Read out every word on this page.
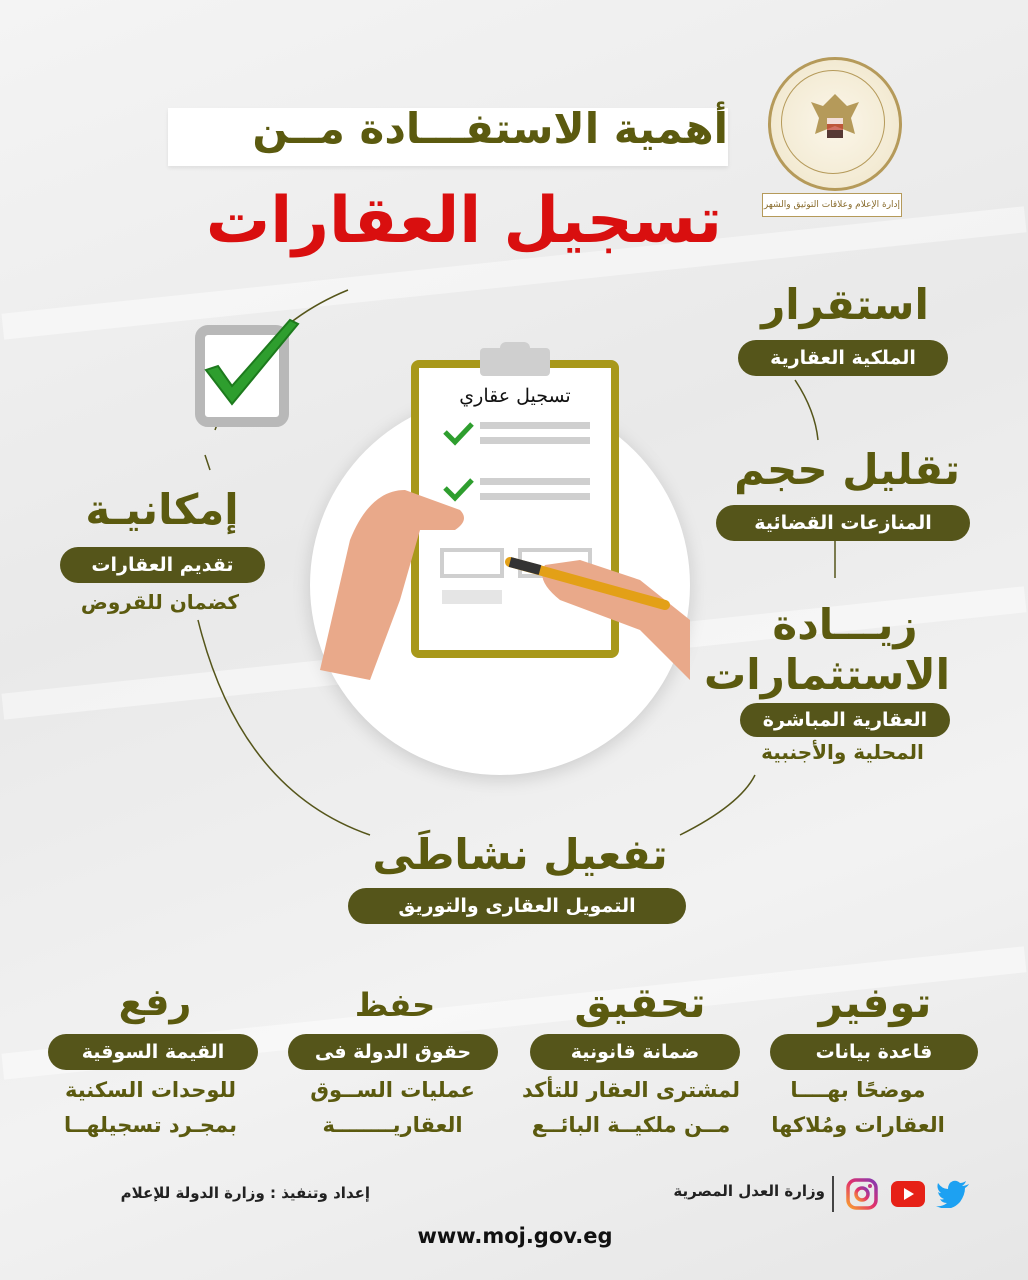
إدارة الإعلام وعلاقات التوثيق والشهر
أهمية الاستفـــادة مــن
تسجيل العقارات
تسجيل عقاري
استقرار
الملكية العقارية
تقليل حجم
المنازعات القضائية
زيـــادة
الاستثمارات
العقارية المباشرة
المحلية والأجنبية
إمكانيـة
تقديم العقارات
كضمان للقروض
تفعيل نشاطَى
التمويل العقارى والتوريق
توفير
قاعدة بيانات
موضحًا بهــــا
العقارات ومُلاكها
تحقيق
ضمانة قانونية
لمشترى العقار للتأكد
مــن ملكيــة البائــع
حفظ
حقوق الدولة فى
عمليات الســوق
العقاريــــــــة
رفع
القيمة السوقية
للوحدات السكنية
بمجـرد تسجيلهــا
وزارة العدل المصرية
إعداد وتنفيذ : وزارة الدولة للإعلام
www.moj.gov.eg
